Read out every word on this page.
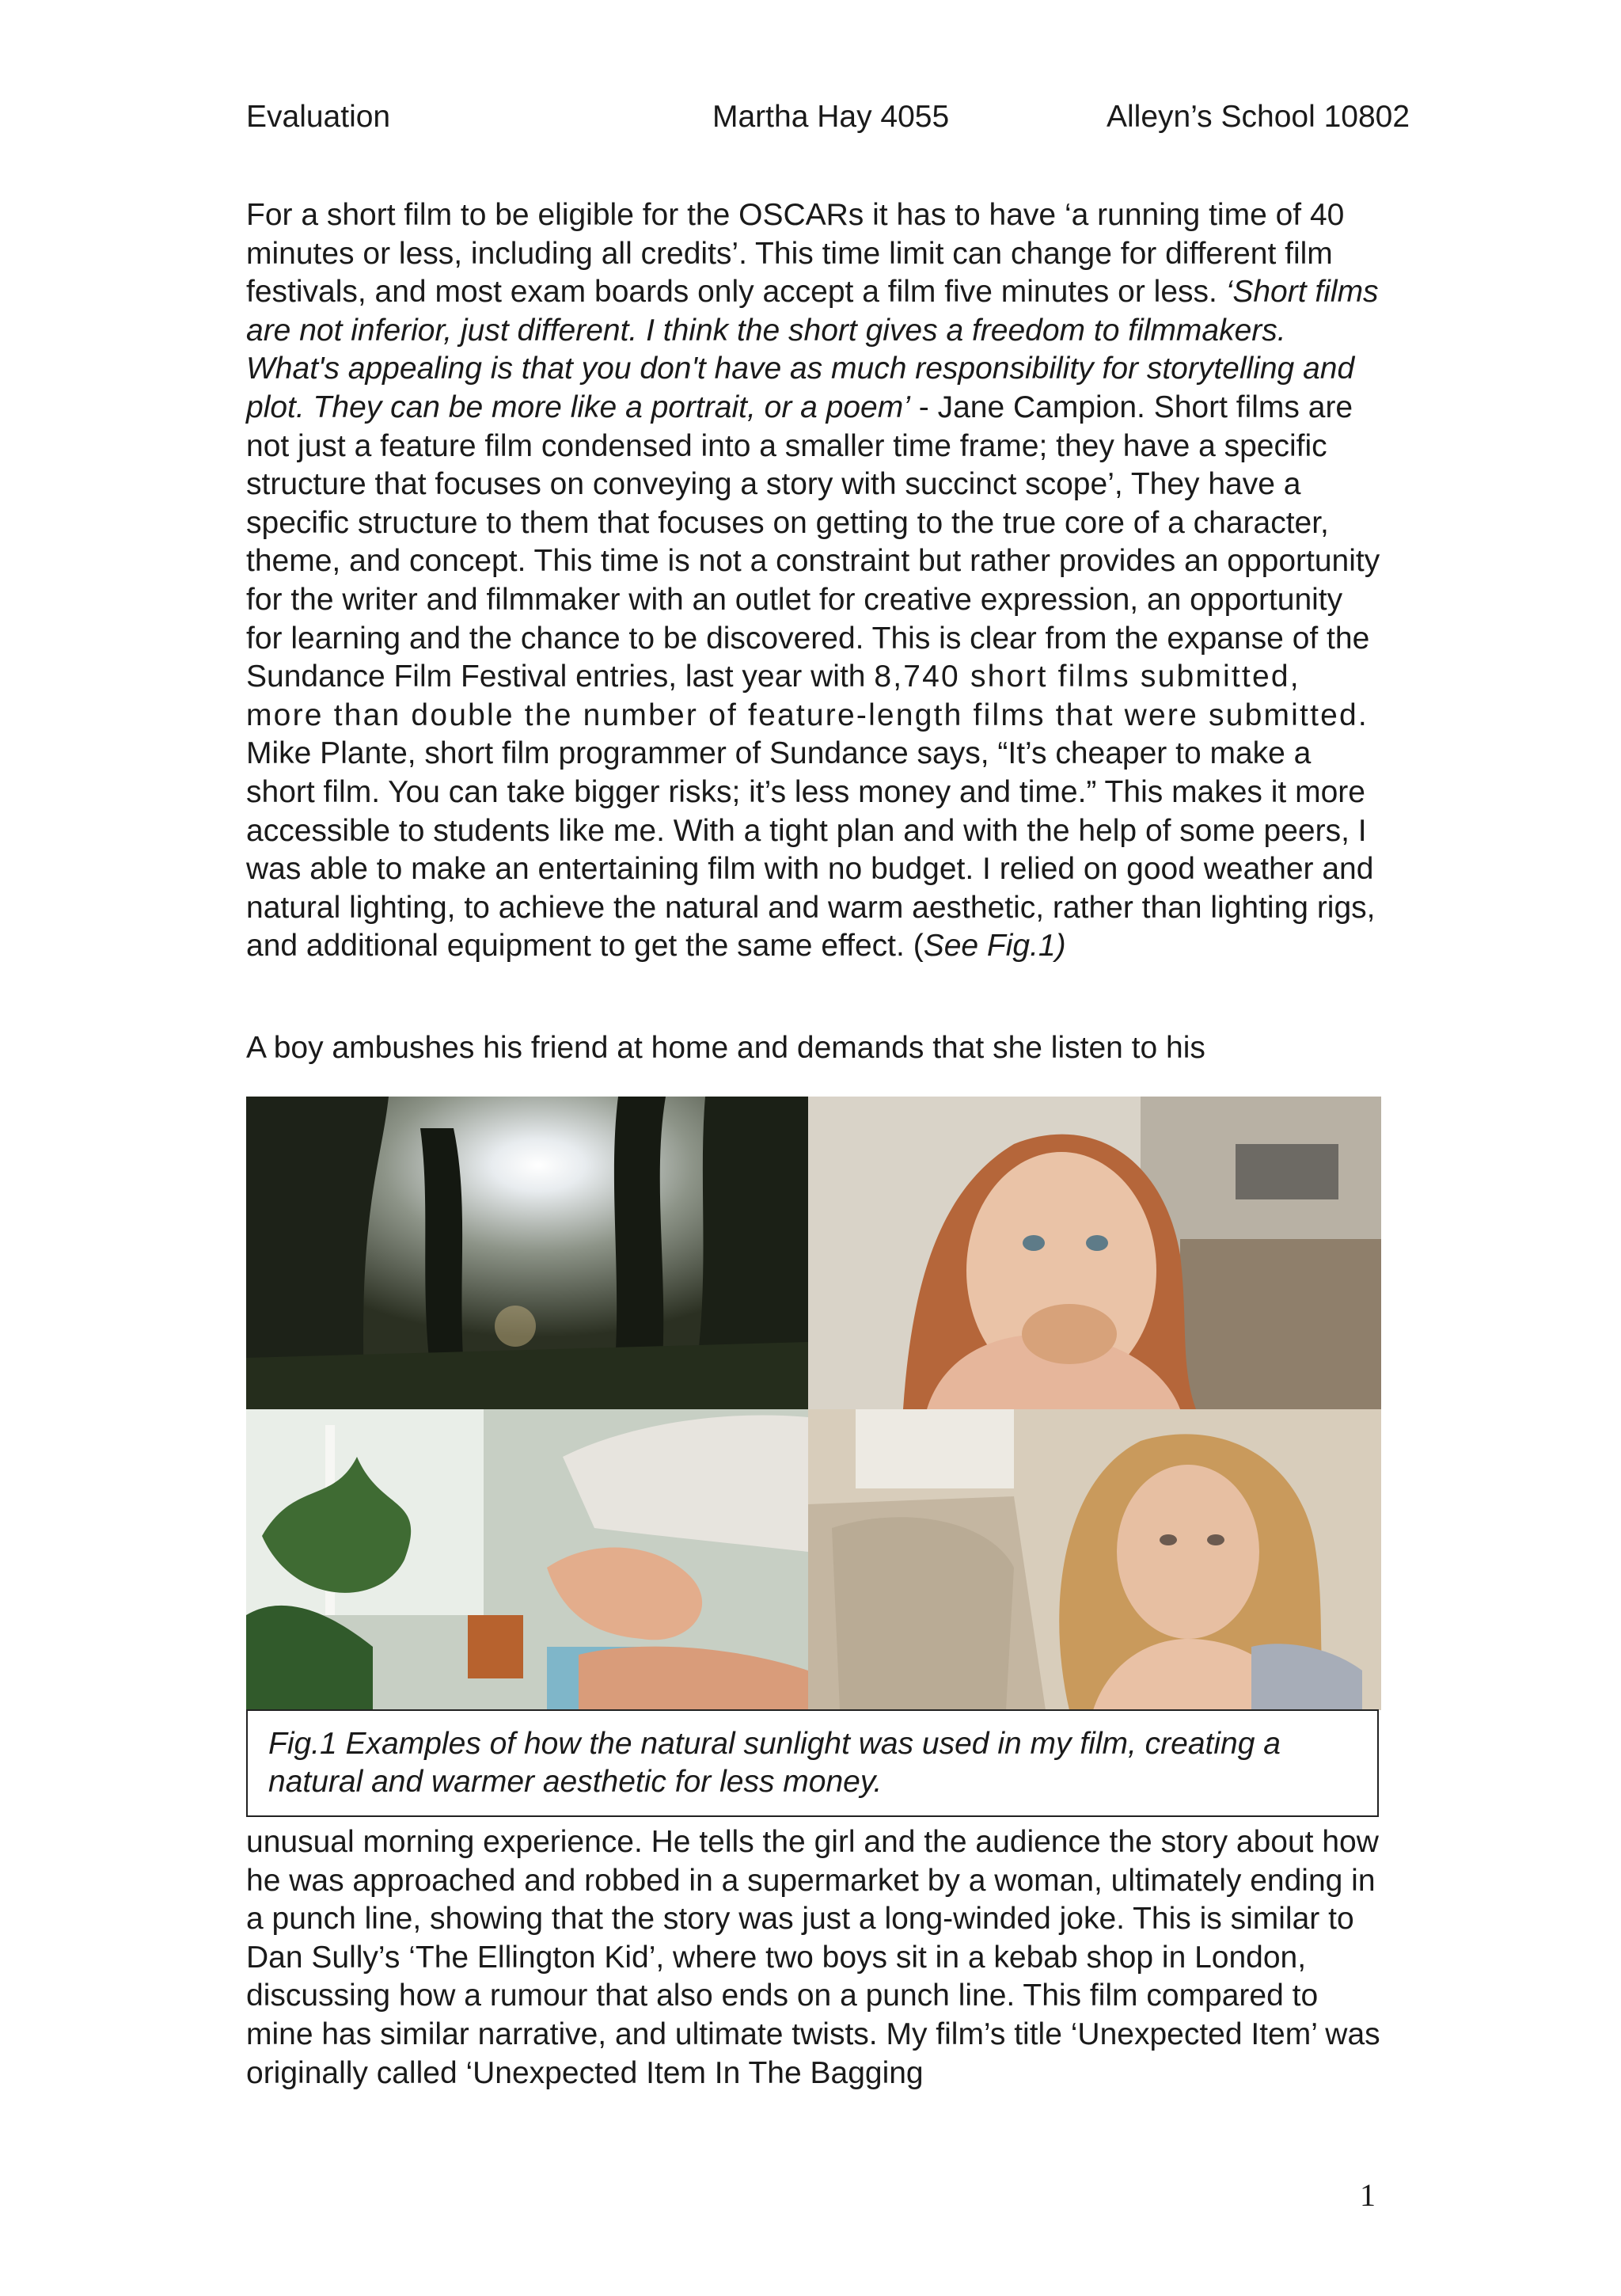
Evaluation	Martha Hay 4055	Alleyn’s School 10802

For a short film to be eligible for the OSCARs it has to have ‘a running time of 40 minutes or less, including all credits’. This time limit can change for different film festivals, and most exam boards only accept a film five minutes or less. ‘Short films are not inferior, just different. I think the short gives a freedom to filmmakers. What's appealing is that you don't have as much responsibility for storytelling and plot. They can be more like a portrait, or a poem’ - Jane Campion. Short films are not just a feature film condensed into a smaller time frame; they have a specific structure that focuses on conveying a story with succinct scope’, They have a specific structure to them that focuses on getting to the true core of a character, theme, and concept. This time is not a constraint but rather provides an opportunity for the writer and filmmaker with an outlet for creative expression, an opportunity for learning and the chance to be discovered. This is clear from the expanse of the Sundance Film Festival entries, last year with 8,740 short films submitted, more than double the number of feature-length films that were submitted. Mike Plante, short film programmer of Sundance says, “It’s cheaper to make a short film. You can take bigger risks; it’s less money and time.” This makes it more accessible to students like me. With a tight plan and with the help of some peers, I was able to make an entertaining film with no budget. I relied on good weather and natural lighting, to achieve the natural and warm aesthetic, rather than lighting rigs, and additional equipment to get the same effect. (See Fig.1)

A boy ambushes his friend at home and demands that she listen to his

Fig.1 Examples of how the natural sunlight was used in my film, creating a natural and warmer aesthetic for less money.

unusual morning experience. He tells the girl and the audience the story about how he was approached and robbed in a supermarket by a woman, ultimately ending in a punch line, showing that the story was just a long-winded joke. This is similar to Dan Sully’s ‘The Ellington Kid’, where two boys sit in a kebab shop in London, discussing how a rumour that also ends on a punch line. This film compared to mine has similar narrative, and ultimate twists. My film’s title ‘Unexpected Item’ was originally called ‘Unexpected Item In The Bagging

1
